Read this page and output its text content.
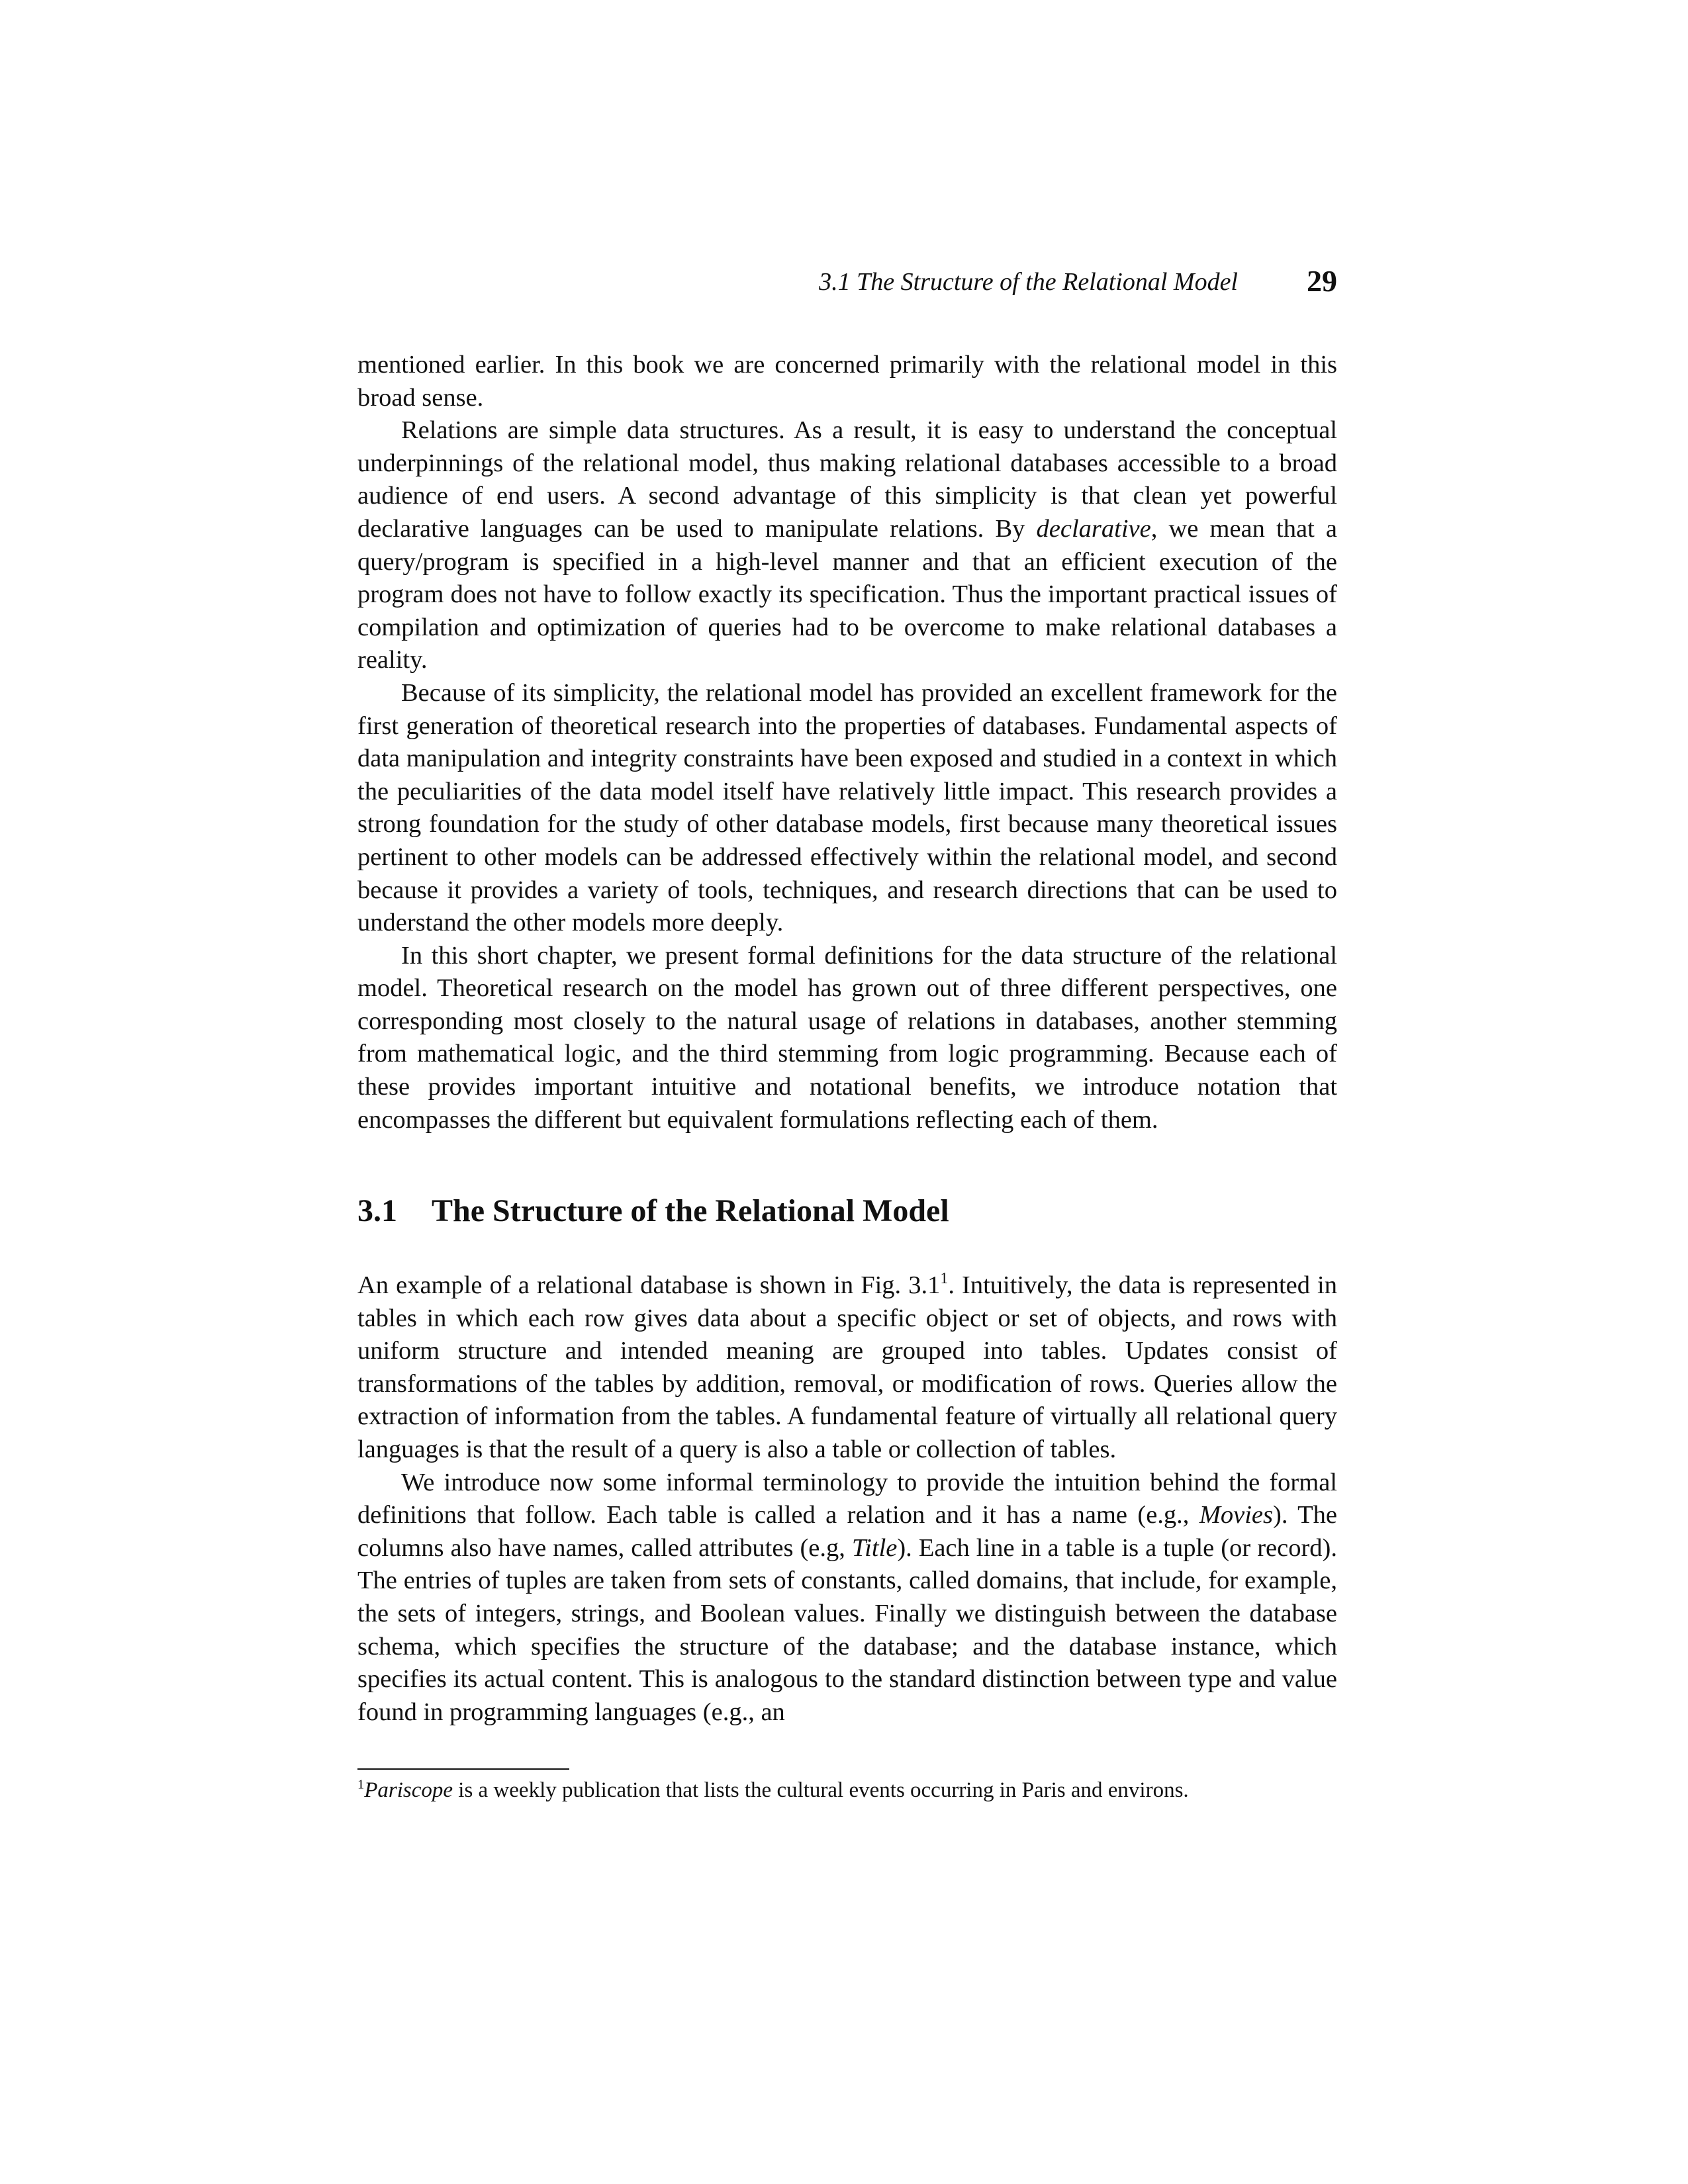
3.1 The Structure of the Relational Model 29

mentioned earlier. In this book we are concerned primarily with the relational model in this broad sense.

Relations are simple data structures. As a result, it is easy to understand the conceptual underpinnings of the relational model, thus making relational databases accessible to a broad audience of end users. A second advantage of this simplicity is that clean yet powerful declarative languages can be used to manipulate relations. By declarative, we mean that a query/program is specified in a high-level manner and that an efficient execution of the program does not have to follow exactly its specification. Thus the important practical issues of compilation and optimization of queries had to be overcome to make relational databases a reality.

Because of its simplicity, the relational model has provided an excellent framework for the first generation of theoretical research into the properties of databases. Fundamental aspects of data manipulation and integrity constraints have been exposed and studied in a context in which the peculiarities of the data model itself have relatively little impact. This research provides a strong foundation for the study of other database models, first because many theoretical issues pertinent to other models can be addressed effectively within the relational model, and second because it provides a variety of tools, techniques, and research directions that can be used to understand the other models more deeply.

In this short chapter, we present formal definitions for the data structure of the relational model. Theoretical research on the model has grown out of three different perspectives, one corresponding most closely to the natural usage of relations in databases, another stemming from mathematical logic, and the third stemming from logic programming. Because each of these provides important intuitive and notational benefits, we introduce notation that encompasses the different but equivalent formulations reflecting each of them.

3.1 The Structure of the Relational Model

An example of a relational database is shown in Fig. $3.1^1$. Intuitively, the data is represented in tables in which each row gives data about a specific object or set of objects, and rows with uniform structure and intended meaning are grouped into tables. Updates consist of transformations of the tables by addition, removal, or modification of rows. Queries allow the extraction of information from the tables. A fundamental feature of virtually all relational query languages is that the result of a query is also a table or collection of tables.

We introduce now some informal terminology to provide the intuition behind the formal definitions that follow. Each table is called a relation and it has a name (e.g., Movies). The columns also have names, called attributes (e.g, Title). Each line in a table is a tuple (or record). The entries of tuples are taken from sets of constants, called domains, that include, for example, the sets of integers, strings, and Boolean values. Finally we distinguish between the database schema, which specifies the structure of the database; and the database instance, which specifies its actual content. This is analogous to the standard distinction between type and value found in programming languages (e.g., an

$^1$Pariscope is a weekly publication that lists the cultural events occurring in Paris and environs.
